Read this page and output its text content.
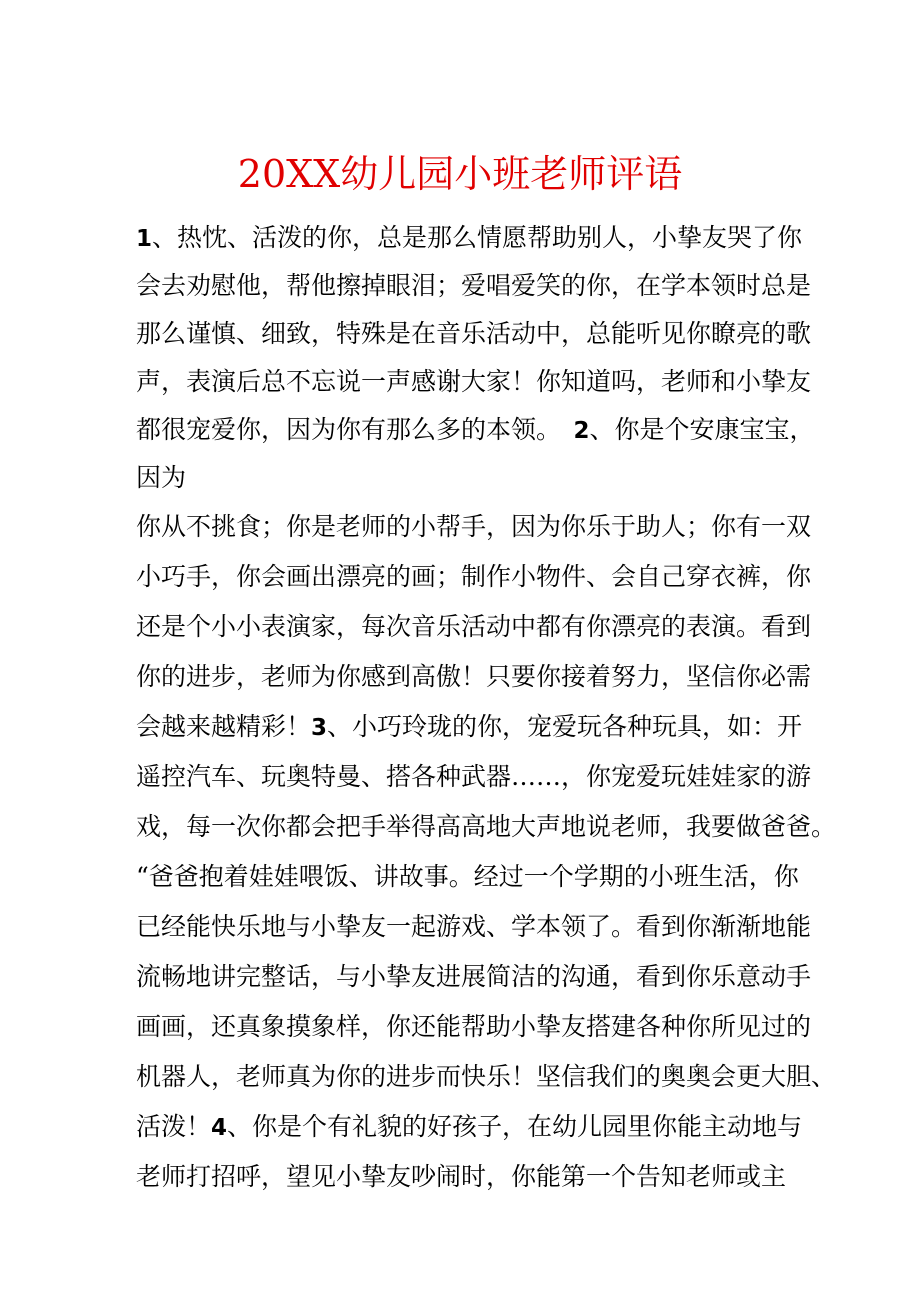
20XX幼儿园小班老师评语
1、热忱、活泼的你，总是那么情愿帮助别人，小挚友哭了你
会去劝慰他，帮他擦掉眼泪；爱唱爱笑的你，在学本领时总是
那么谨慎、细致，特殊是在音乐活动中，总能听见你瞭亮的歌
声，表演后总不忘说一声感谢大家！你知道吗，老师和小挚友
都很宠爱你，因为你有那么多的本领。　2、你是个安康宝宝，
因为
你从不挑食；你是老师的小帮手，因为你乐于助人；你有一双
小巧手，你会画出漂亮的画；制作小物件、会自己穿衣裤，你
还是个小小表演家，每次音乐活动中都有你漂亮的表演。看到
你的进步，老师为你感到高傲！只要你接着努力，坚信你必需
会越来越精彩！3、小巧玲珑的你，宠爱玩各种玩具，如：开
遥控汽车、玩奥特曼、搭各种武器……，你宠爱玩娃娃家的游
戏，每一次你都会把手举得高高地大声地说老师，我要做爸爸。
“爸爸抱着娃娃喂饭、讲故事。经过一个学期的小班生活，你
已经能快乐地与小挚友一起游戏、学本领了。看到你渐渐地能
流畅地讲完整话，与小挚友进展简洁的沟通，看到你乐意动手
画画，还真象摸象样，你还能帮助小挚友搭建各种你所见过的
机器人，老师真为你的进步而快乐！坚信我们的奥奥会更大胆、
活泼！4、你是个有礼貌的好孩子，在幼儿园里你能主动地与
老师打招呼，望见小挚友吵闹时，你能第一个告知老师或主
